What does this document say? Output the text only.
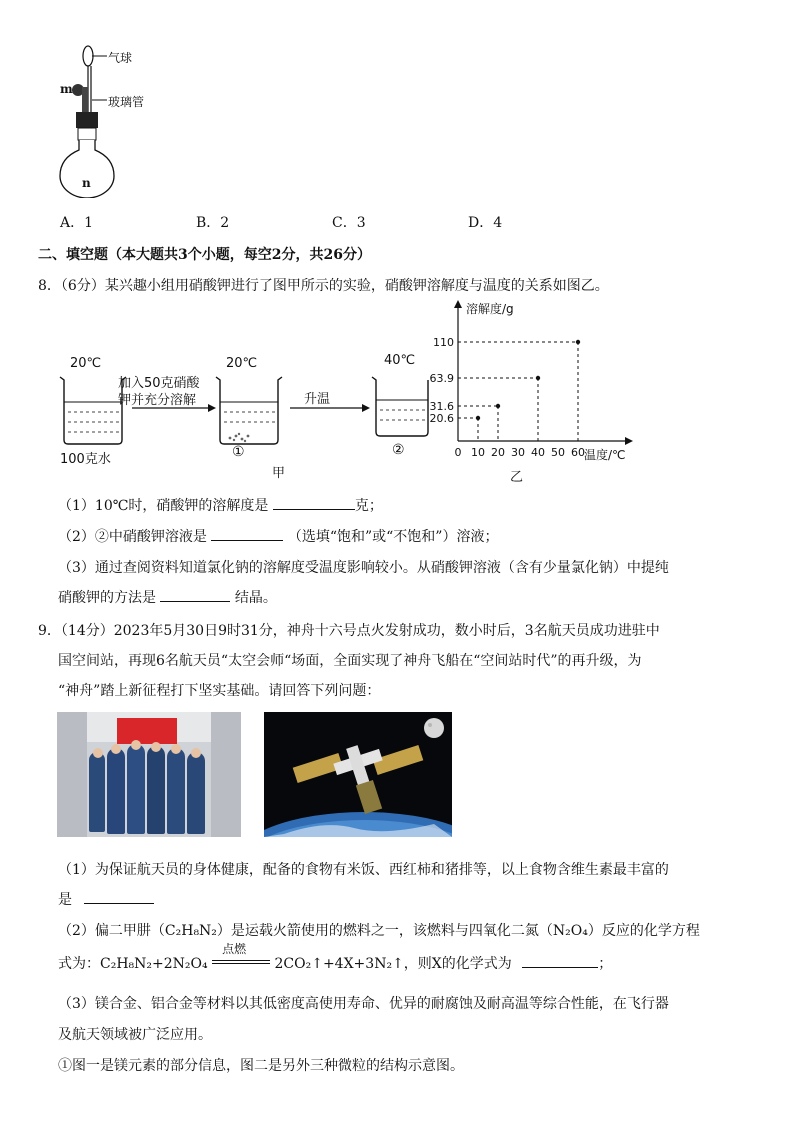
气球
m
玻璃管
n
A．1	B．2	C．3	D．4
二、填空题（本大题共3个小题，每空2分，共26分）
8．（6分）某兴趣小组用硝酸钾进行了图甲所示的实验，硝酸钾溶解度与温度的关系如图乙。
20℃
100克水
加入50克硝酸
钾并充分溶解
20℃
①
升温
40℃
②
甲
20.6
31.6
63.9
110
0 10 20 30 40 50 60
溶解度/g
温度/℃
乙
（1）10℃时，硝酸钾的溶解度是	克；
（2）②中硝酸钾溶液是	（选填“饱和”或“不饱和”）溶液；
（3）通过查阅资料知道氯化钠的溶解度受温度影响较小。从硝酸钾溶液（含有少量氯化钠）中提纯
硝酸钾的方法是	结晶。
9．（14分）2023年5月30日9时31分，神舟十六号点火发射成功，数小时后，3名航天员成功进驻中
国空间站，再现6名航天员“太空会师“场面，全面实现了神舟飞船在“空间站时代”的再升级，为
“神舟”踏上新征程打下坚实基础。请回答下列问题：
（1）为保证航天员的身体健康，配备的食物有米饭、西红柿和猪排等，以上食物含维生素最丰富的
是
（2）偏二甲肼（C₂H₈N₂）是运载火箭使用的燃料之一，该燃料与四氧化二氮（N₂O₄）反应的化学方程
式为：C₂H₈N₂+2N₂O₄
点燃
2CO₂↑+4X+3N₂↑，则X的化学式为	；
（3）镁合金、铝合金等材料以其低密度高使用寿命、优异的耐腐蚀及耐高温等综合性能，在飞行器
及航天领域被广泛应用。
①图一是镁元素的部分信息，图二是另外三种微粒的结构示意图。
